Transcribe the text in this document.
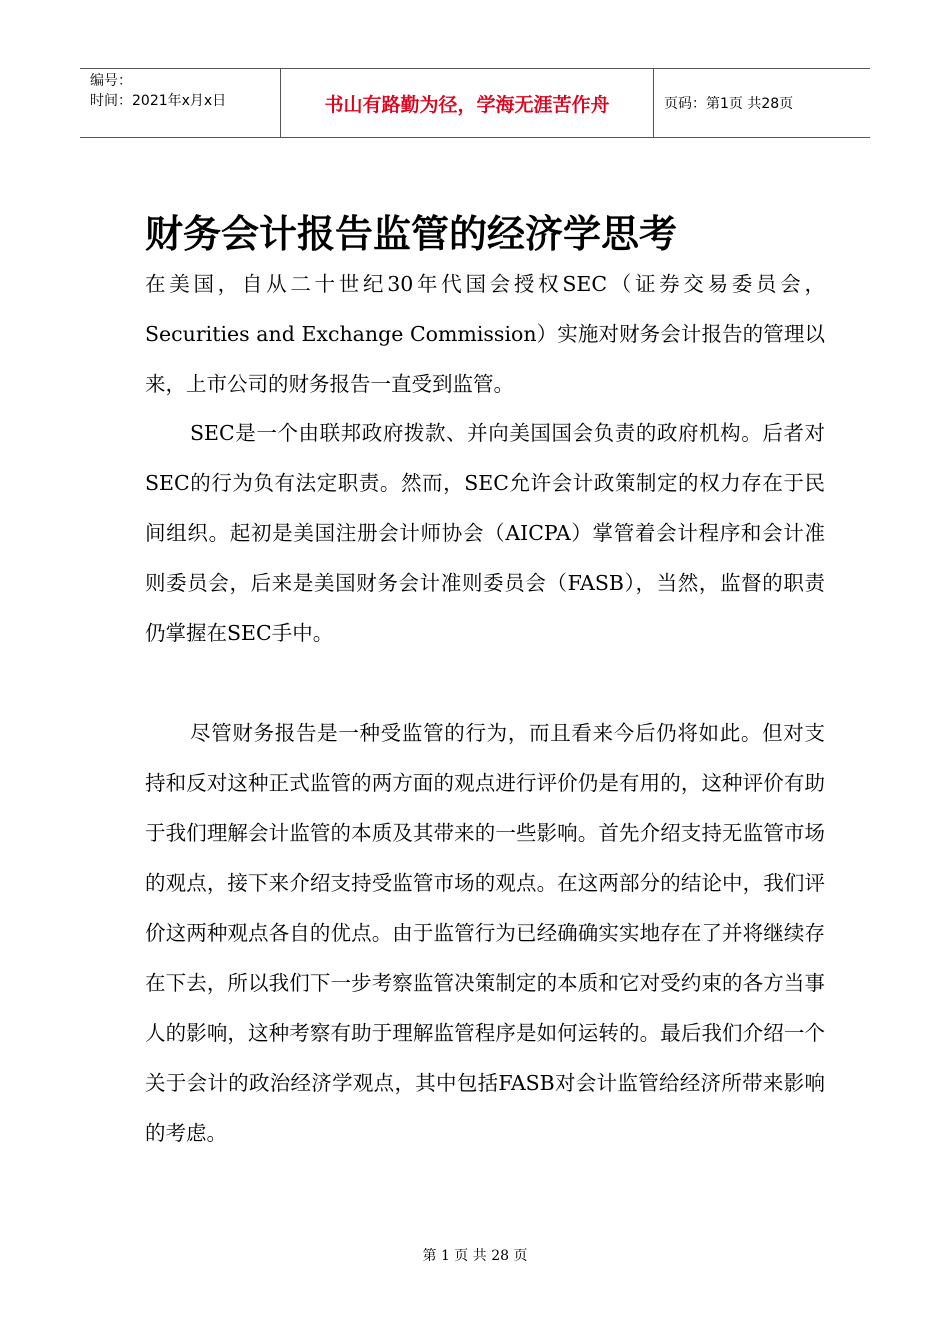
编号：
时间：2021年x月x日	书山有路勤为径，学海无涯苦作舟	页码：第1页 共28页
财务会计报告监管的经济学思考

在美国，自从二十世纪30年代国会授权SEC（证券交易委员会，Securities and Exchange Commission）实施对财务会计报告的管理以来，上市公司的财务报告一直受到监管。

SEC是一个由联邦政府拨款、并向美国国会负责的政府机构。后者对SEC的行为负有法定职责。然而，SEC允许会计政策制定的权力存在于民间组织。起初是美国注册会计师协会（AICPA）掌管着会计程序和会计准则委员会，后来是美国财务会计准则委员会（FASB），当然，监督的职责仍掌握在SEC手中。

尽管财务报告是一种受监管的行为，而且看来今后仍将如此。但对支持和反对这种正式监管的两方面的观点进行评价仍是有用的，这种评价有助于我们理解会计监管的本质及其带来的一些影响。首先介绍支持无监管市场的观点，接下来介绍支持受监管市场的观点。在这两部分的结论中，我们评价这两种观点各自的优点。由于监管行为已经确确实实地存在了并将继续存在下去，所以我们下一步考察监管决策制定的本质和它对受约束的各方当事人的影响，这种考察有助于理解监管程序是如何运转的。最后我们介绍一个关于会计的政治经济学观点，其中包括FASB对会计监管给经济所带来影响的考虑。

第 1 页 共 28 页
